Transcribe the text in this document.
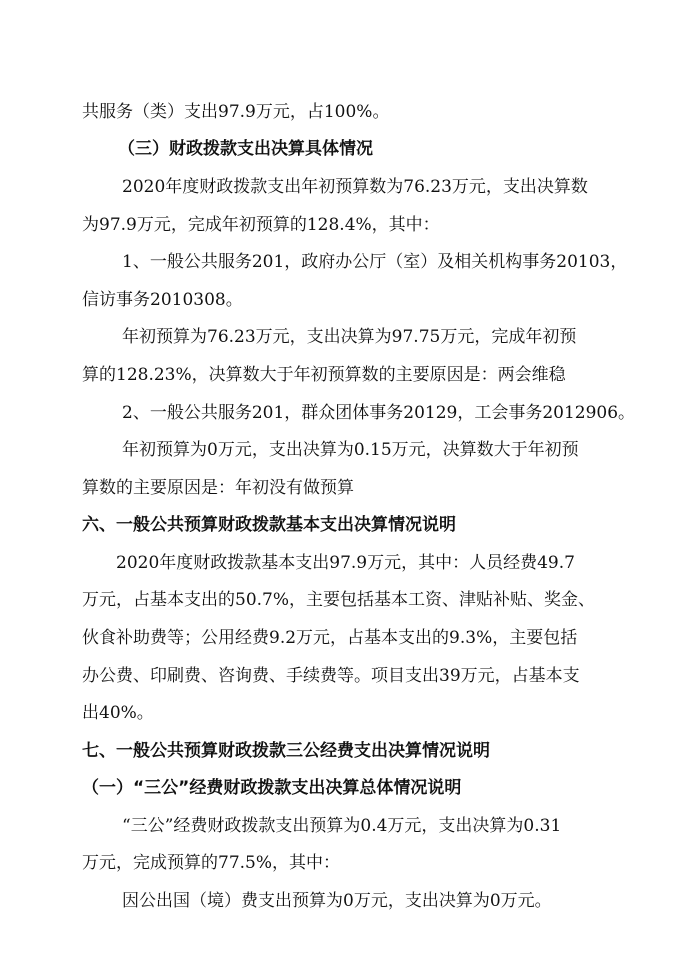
共服务（类）支出97.9万元，占100%。

（三）财政拨款支出决算具体情况

2020年度财政拨款支出年初预算数为76.23万元，支出决算数

为97.9万元，完成年初预算的128.4%，其中：

1、一般公共服务201，政府办公厅（室）及相关机构事务20103，

信访事务2010308。

年初预算为76.23万元，支出决算为97.75万元，完成年初预

算的128.23%，决算数大于年初预算数的主要原因是：两会维稳

2、一般公共服务201，群众团体事务20129，工会事务2012906。

年初预算为0万元，支出决算为0.15万元，决算数大于年初预

算数的主要原因是：年初没有做预算

六、一般公共预算财政拨款基本支出决算情况说明

2020年度财政拨款基本支出97.9万元，其中：人员经费49.7

万元，占基本支出的50.7%，主要包括基本工资、津贴补贴、奖金、

伙食补助费等；公用经费9.2万元，占基本支出的9.3%，主要包括

办公费、印刷费、咨询费、手续费等。项目支出39万元，占基本支

出40%。

七、一般公共预算财政拨款三公经费支出决算情况说明

（一）“三公”经费财政拨款支出决算总体情况说明

“三公”经费财政拨款支出预算为0.4万元，支出决算为0.31

万元，完成预算的77.5%，其中：

因公出国（境）费支出预算为0万元，支出决算为0万元。
